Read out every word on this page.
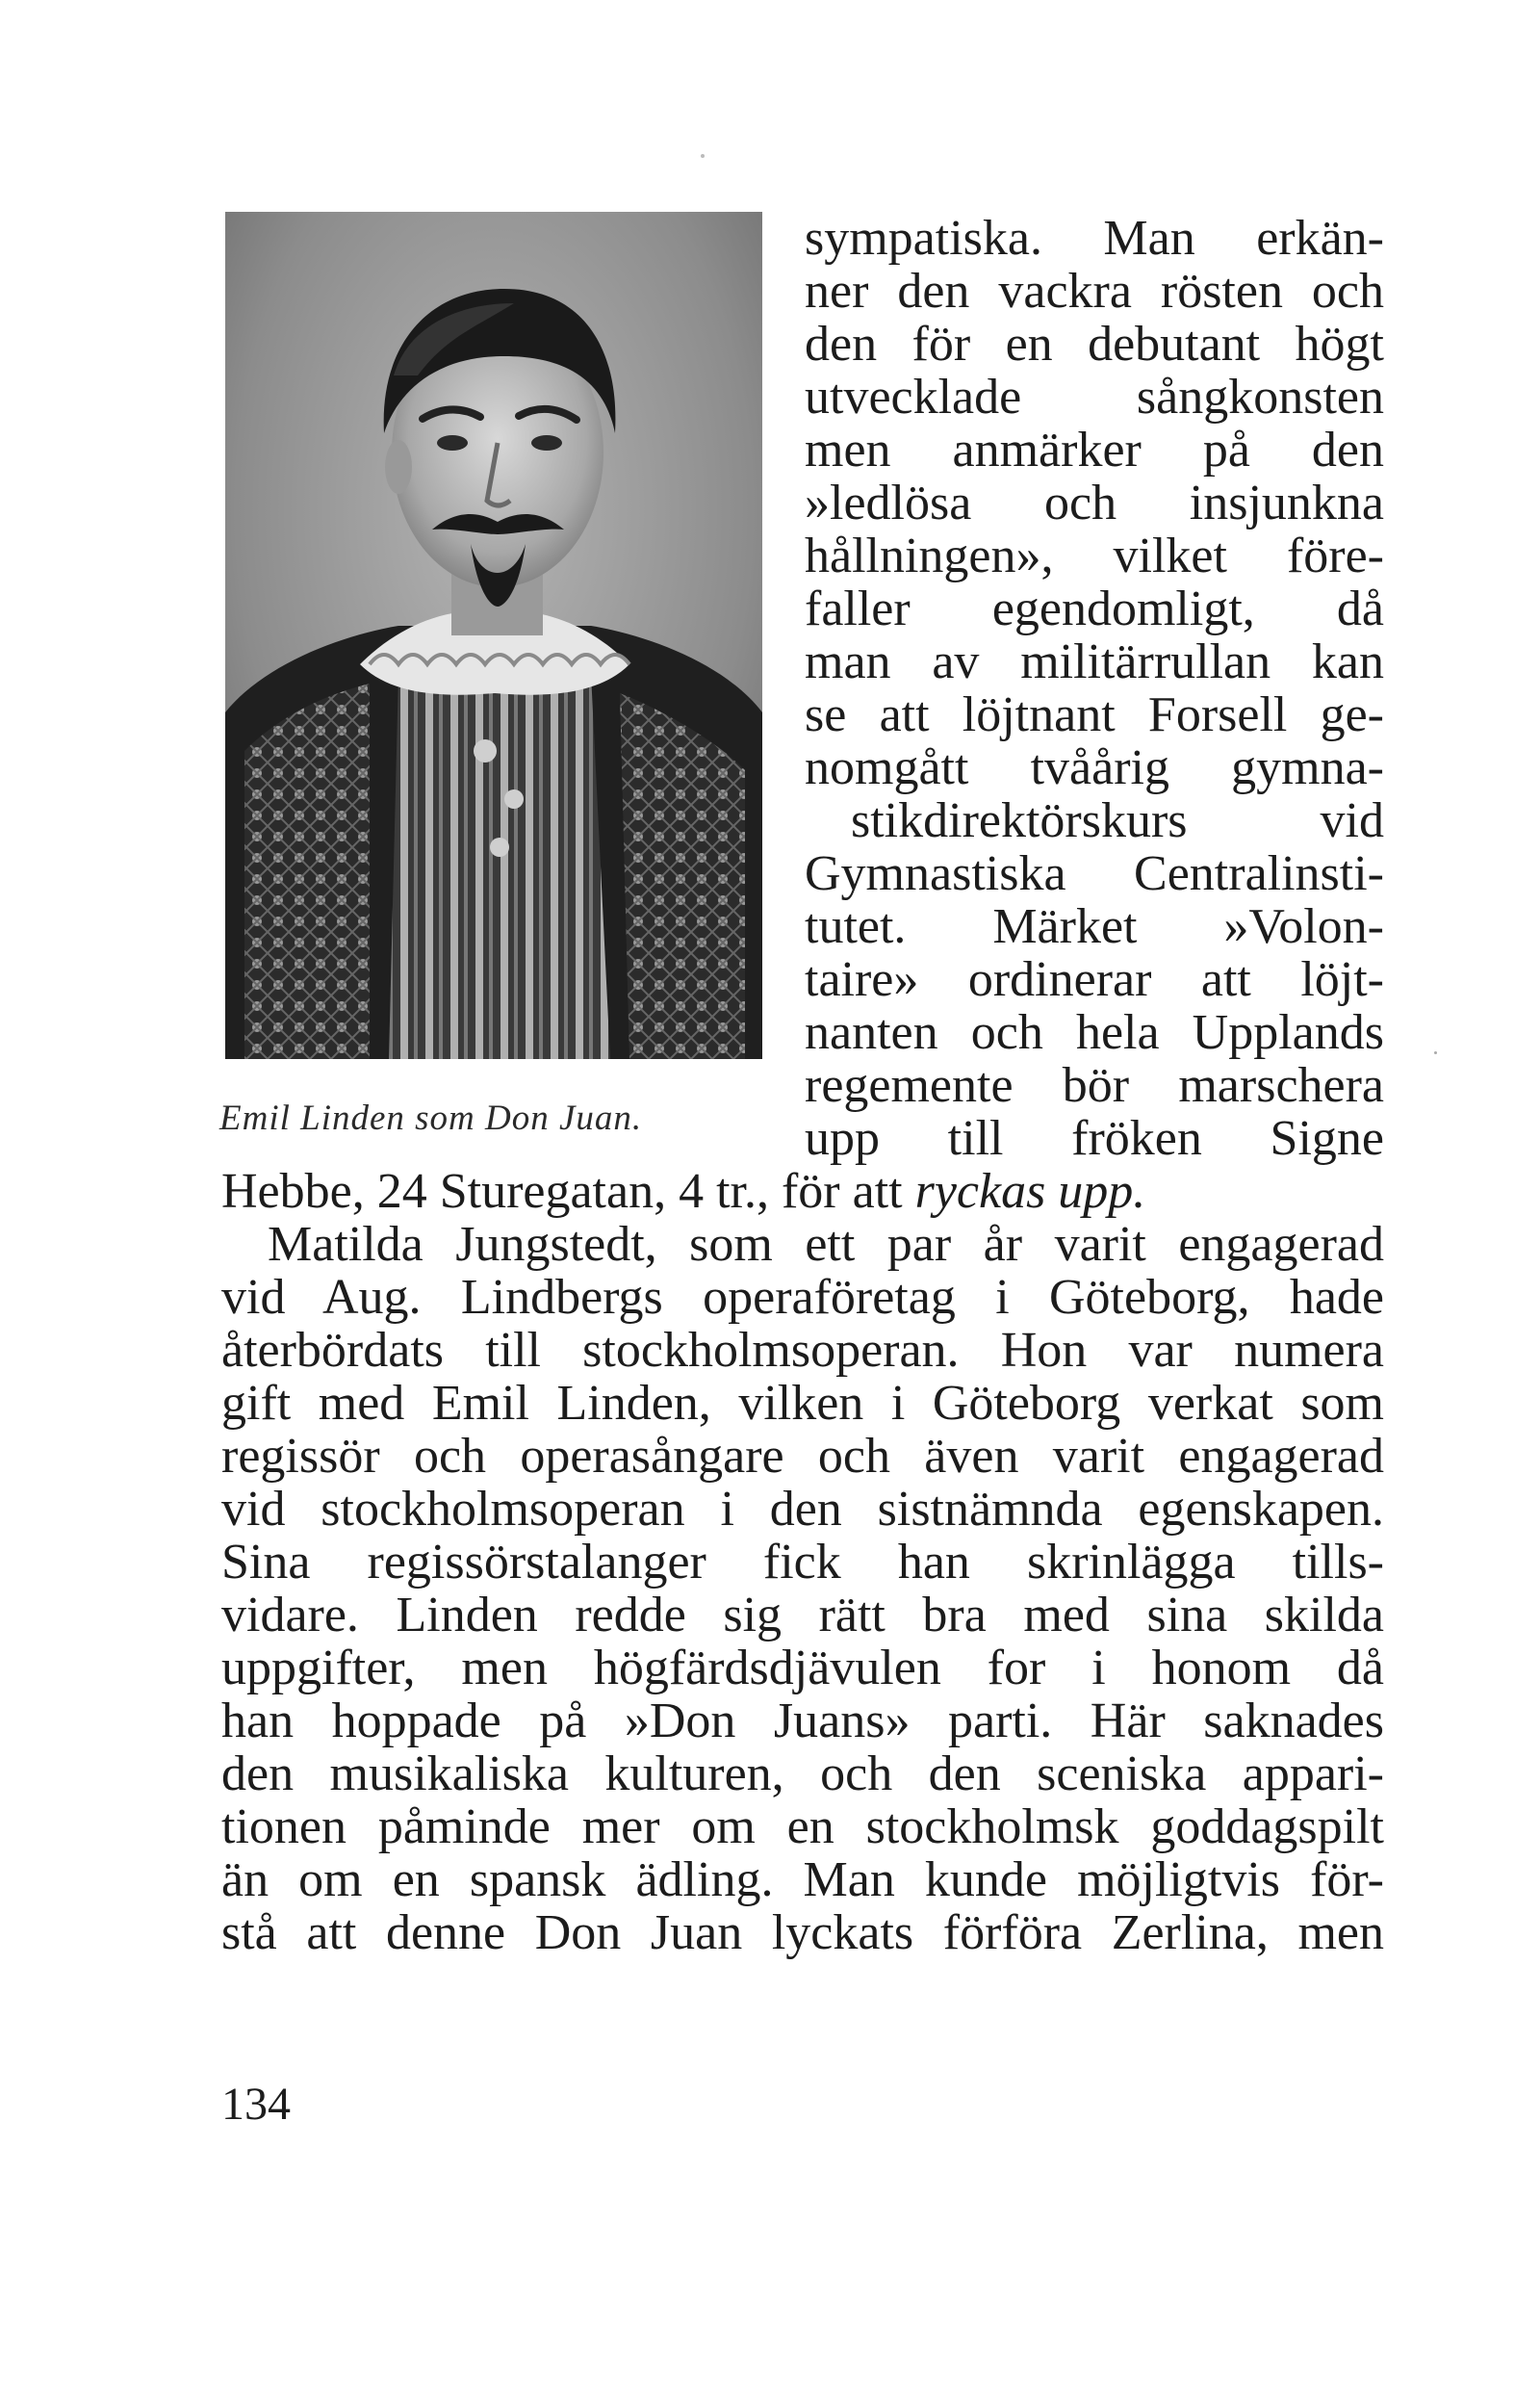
Emil Linden som Don Juan.
sympatiska. Man erkän-
ner den vackra rösten och
den för en debutant högt
utvecklade sångkonsten
men anmärker på den
»ledlösa och insjunkna
hållningen», vilket före-
faller egendomligt, då
man av militärrullan kan
se att löjtnant Forsell ge-
nomgått tvåårig gymna-
stikdirektörskurs vid
Gymnastiska Centralinsti-
tutet. Märket »Volon-
taire» ordinerar att löjt-
nanten och hela Upplands
regemente bör marschera
upp till fröken Signe
Hebbe, 24 Sturegatan, 4 tr., för att ryckas upp.
Matilda Jungstedt, som ett par år varit engagerad
vid Aug. Lindbergs operaföretag i Göteborg, hade
återbördats till stockholmsoperan. Hon var numera
gift med Emil Linden, vilken i Göteborg verkat som
regissör och operasångare och även varit engagerad
vid stockholmsoperan i den sistnämnda egenskapen.
Sina regissörstalanger fick han skrinlägga tills-
vidare. Linden redde sig rätt bra med sina skilda
uppgifter, men högfärdsdjävulen for i honom då
han hoppade på »Don Juans» parti. Här saknades
den musikaliska kulturen, och den sceniska appari-
tionen påminde mer om en stockholmsk goddagspilt
än om en spansk ädling. Man kunde möjligtvis för-
stå att denne Don Juan lyckats förföra Zerlina, men
134
